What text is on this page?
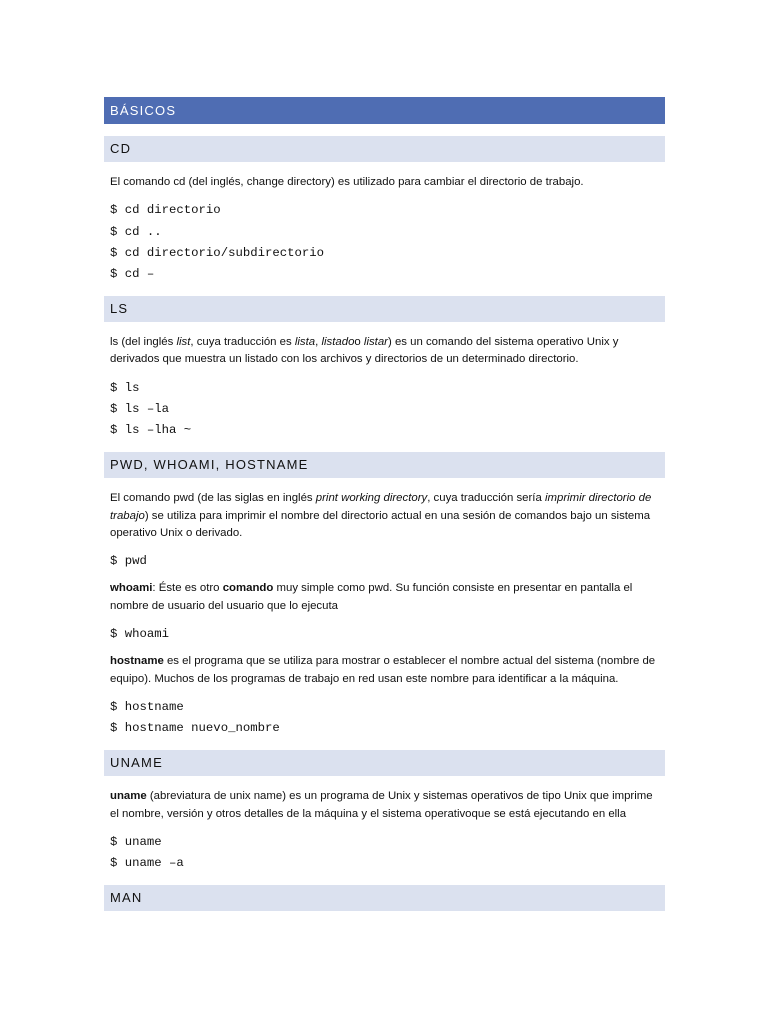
BÁSICOS
CD

El comando cd (del inglés, change directory) es utilizado para cambiar el directorio de trabajo.

$ cd directorio
$ cd ..
$ cd directorio/subdirectorio
$ cd –
LS

ls (del inglés list, cuya traducción es lista, listadoo listar) es un comando del sistema operativo Unix y derivados que muestra un listado con los archivos y directorios de un determinado directorio.

$ ls
$ ls –la
$ ls –lha ~
PWD, WHOAMI, HOSTNAME

El comando pwd (de las siglas en inglés print working directory, cuya traducción sería imprimir directorio de trabajo) se utiliza para imprimir el nombre del directorio actual en una sesión de comandos bajo un sistema operativo Unix o derivado.

$ pwd

whoami: Éste es otro comando muy simple como pwd. Su función consiste en presentar en pantalla el nombre de usuario del usuario que lo ejecuta

$ whoami

hostname es el programa que se utiliza para mostrar o establecer el nombre actual del sistema (nombre de equipo). Muchos de los programas de trabajo en red usan este nombre para identificar a la máquina.

$ hostname
$ hostname nuevo_nombre
UNAME

uname (abreviatura de unix name) es un programa de Unix y sistemas operativos de tipo Unix que imprime el nombre, versión y otros detalles de la máquina y el sistema operativoque se está ejecutando en ella

$ uname
$ uname –a
MAN
